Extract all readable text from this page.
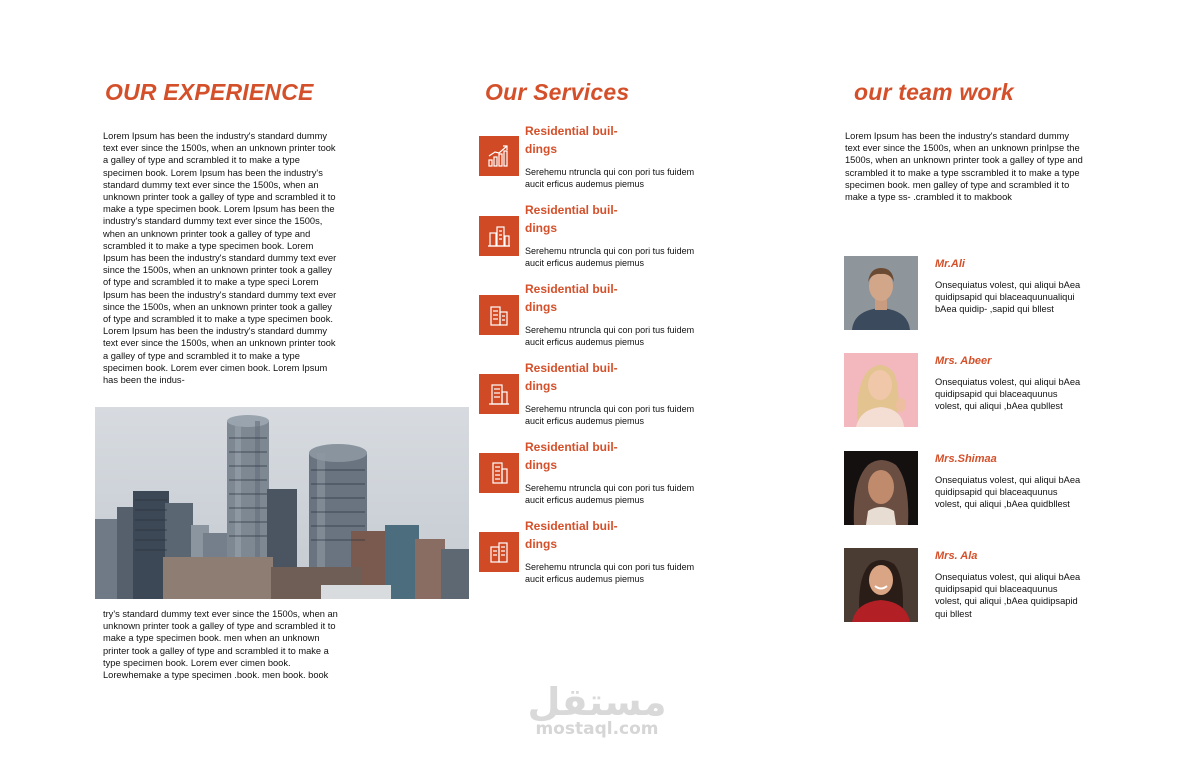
OUR EXPERIENCE

Lorem Ipsum has been the industry's standard dummy text ever since the 1500s, when an unknown printer took a galley of type and scrambled it to make a type specimen book. Lorem Ipsum has been the industry's standard dummy text ever since the 1500s, when an unknown printer took a galley of type and scrambled it to make a type specimen book. Lorem Ipsum has been the industry's standard dummy text ever since the 1500s, when an unknown printer took a galley of type and scrambled it to make a type specimen book. Lorem Ipsum has been the industry's standard dummy text ever since the 1500s, when an unknown printer took a galley of type and scrambled it to make a type speci Lorem Ipsum has been the industry's standard dummy text ever since the 1500s, when an unknown printer took a galley of type and scrambled it to make a type specimen book. Lorem Ipsum has been the industry's standard dummy text ever since the 1500s, when an unknown printer took a galley of type and scrambled it to make a type specimen book. Lorem ever cimen book. Lorem Ipsum has been the indus-

try's standard dummy text ever since the 1500s, when an unknown printer took a galley of type and scrambled it to make a type specimen book. men when an unknown printer took a galley of type and scrambled it to make a type specimen book. Lorem ever cimen book. Lorewhemake a type specimen .book. men book. book

Our Services
Residential buil-dings
Serehemu ntruncla qui con pori tus fuidem aucit erficus audemus piemus
Residential buil-dings
Serehemu ntruncla qui con pori tus fuidem aucit erficus audemus piemus
Residential buil-dings
Serehemu ntruncla qui con pori tus fuidem aucit erficus audemus piemus
Residential buil-dings
Serehemu ntruncla qui con pori tus fuidem aucit erficus audemus piemus
Residential buil-dings
Serehemu ntruncla qui con pori tus fuidem aucit erficus audemus piemus
Residential buil-dings
Serehemu ntruncla qui con pori tus fuidem aucit erficus audemus piemus
our team work

Lorem Ipsum has been the industry's standard dummy text ever since the 1500s, when an unknown prinIpse the 1500s, when an unknown printer took a galley of type and scrambled it to make a type sscrambled it to make a type specimen book. men galley of type and scrambled it to make a type ss- .crambled it to makbook

Mr.Ali
Onsequiatus volest, qui aliqui bAea quidipsapid qui blaceaquunualiqui bAea quidip- ,sapid qui bllest
Mrs. Abeer
Onsequiatus volest, qui aliqui bAea quidipsapid qui blaceaquunus volest, qui aliqui ,bAea qubllest
Mrs.Shimaa
Onsequiatus volest, qui aliqui bAea quidipsapid qui blaceaquunus volest, qui aliqui ,bAea quidbllest
Mrs. Ala
Onsequiatus volest, qui aliqui bAea quidipsapid qui blaceaquunus volest, qui aliqui ,bAea quidipsapid qui bllest
مستقل
mostaql.com
